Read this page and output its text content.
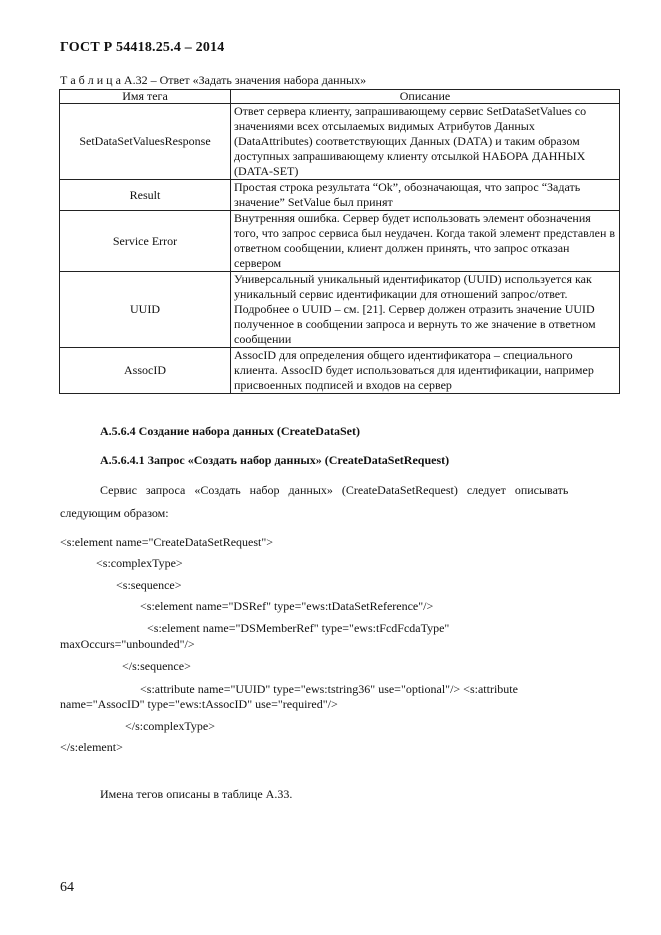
ГОСТ Р 54418.25.4 – 2014
Т а б л и ц а А.32 – Ответ «Задать значения набора данных»
Имя тега	Описание
SetDataSetValuesResponse	Ответ сервера клиенту, запрашивающему сервис SetDataSetValues со значениями всех отсылаемых видимых Атрибутов Данных (DataAttributes) соответствующих Данных (DATA) и таким образом доступных запрашивающему клиенту отсылкой НАБОРА ДАННЫХ (DATA-SET)
Result	Простая строка результата “Ok”, обозначающая, что запрос “Задать значение” SetValue был принят
Service Error	Внутренняя ошибка. Сервер будет использовать элемент обозначения того, что запрос сервиса был неудачен. Когда такой элемент представлен в ответном сообщении, клиент должен принять, что запрос отказан сервером
UUID	Универсальный уникальный идентификатор (UUID) используется как уникальный сервис идентификации для отношений запрос/ответ. Подробнее о UUID – см. [21]. Сервер должен отразить значение UUID полученное в сообщении запроса и вернуть то же значение в ответном сообщении
AssocID	AssocID для определения общего идентификатора – специального клиента. AssocID будет использоваться для идентификации, например присвоенных подписей и входов на сервер
А.5.6.4 Создание набора данных (CreateDataSet)
А.5.6.4.1 Запрос «Создать набор данных» (CreateDataSetRequest)
Сервис запроса «Создать набор данных» (CreateDataSetRequest) следует описывать
следующим образом:
<s:element name="CreateDataSetRequest">
<s:complexType>
<s:sequence>
<s:element name="DSRef" type="ews:tDataSetReference"/>
<s:element name="DSMemberRef" type="ews:tFcdFcdaType"
maxOccurs="unbounded"/>
</s:sequence>
<s:attribute name="UUID" type="ews:tstring36" use="optional"/> <s:attribute
name="AssocID" type="ews:tAssocID" use="required"/>
</s:complexType>
</s:element>
Имена тегов описаны в таблице А.33.
64
